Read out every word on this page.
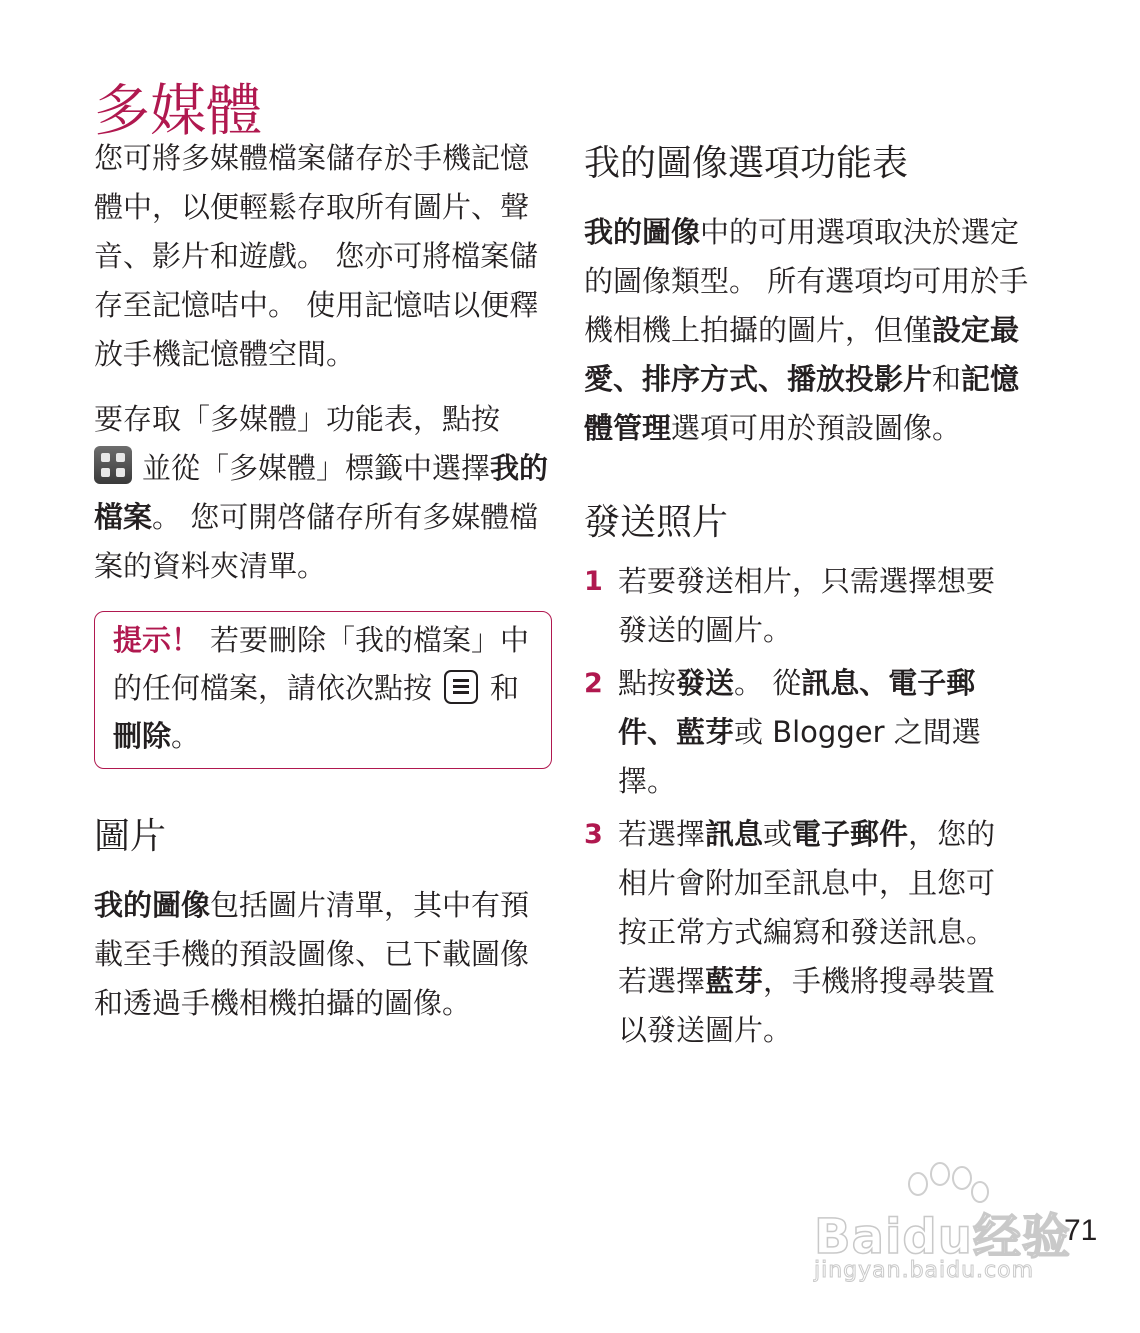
多媒體

您可將多媒體檔案儲存於手機記憶體中，以便輕鬆存取所有圖片、聲音、影片和遊戲。 您亦可將檔案儲存至記憶咭中。 使用記憶咭以便釋放手機記憶體空間。

要存取「多媒體」功能表，點按

並從「多媒體」標籤中選擇我的檔案。 您可開啓儲存所有多媒體檔案的資料夾清單。

提示！ 若要刪除「我的檔案」中的任何檔案，請依次點按 和刪除。

圖片

我的圖像包括圖片清單，其中有預載至手機的預設圖像、已下載圖像和透過手機相機拍攝的圖像。

我的圖像選項功能表

我的圖像中的可用選項取決於選定的圖像類型。 所有選項均可用於手機相機上拍攝的圖片，但僅設定最愛、排序方式、播放投影片和記憶體管理選項可用於預設圖像。

發送照片
1 若要發送相片，只需選擇想要發送的圖片。
2 點按發送。 從訊息、電子郵件、藍芽或 Blogger 之間選擇。
3 若選擇訊息或電子郵件，您的相片會附加至訊息中，且您可按正常方式編寫和發送訊息。 若選擇藍芽，手機將搜尋裝置以發送圖片。
Baidu经验
jingyan.baidu.com
71
